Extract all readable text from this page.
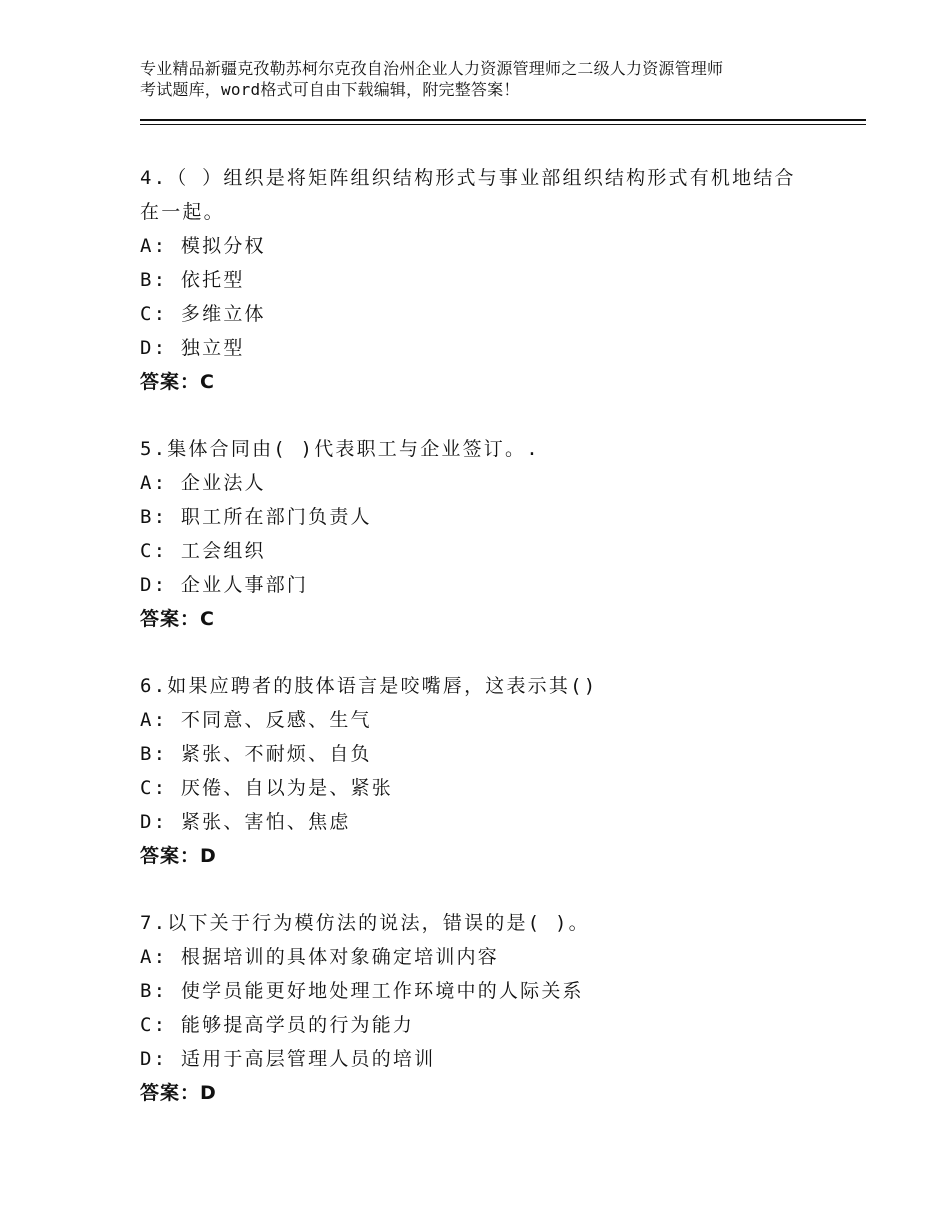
专业精品新疆克孜勒苏柯尔克孜自治州企业人力资源管理师之二级人力资源管理师

考试题库，word格式可自由下载编辑，附完整答案！

4.（ ）组织是将矩阵组织结构形式与事业部组织结构形式有机地结合

在一起。

A: 模拟分权

B: 依托型

C: 多维立体

D: 独立型

答案：C

5.集体合同由( )代表职工与企业签订。.

A: 企业法人

B: 职工所在部门负责人

C: 工会组织

D: 企业人事部门

答案：C

6.如果应聘者的肢体语言是咬嘴唇，这表示其()

A: 不同意、反感、生气

B: 紧张、不耐烦、自负

C: 厌倦、自以为是、紧张

D: 紧张、害怕、焦虑

答案：D

7.以下关于行为模仿法的说法，错误的是( )。

A: 根据培训的具体对象确定培训内容

B: 使学员能更好地处理工作环境中的人际关系

C: 能够提高学员的行为能力

D: 适用于高层管理人员的培训

答案：D
